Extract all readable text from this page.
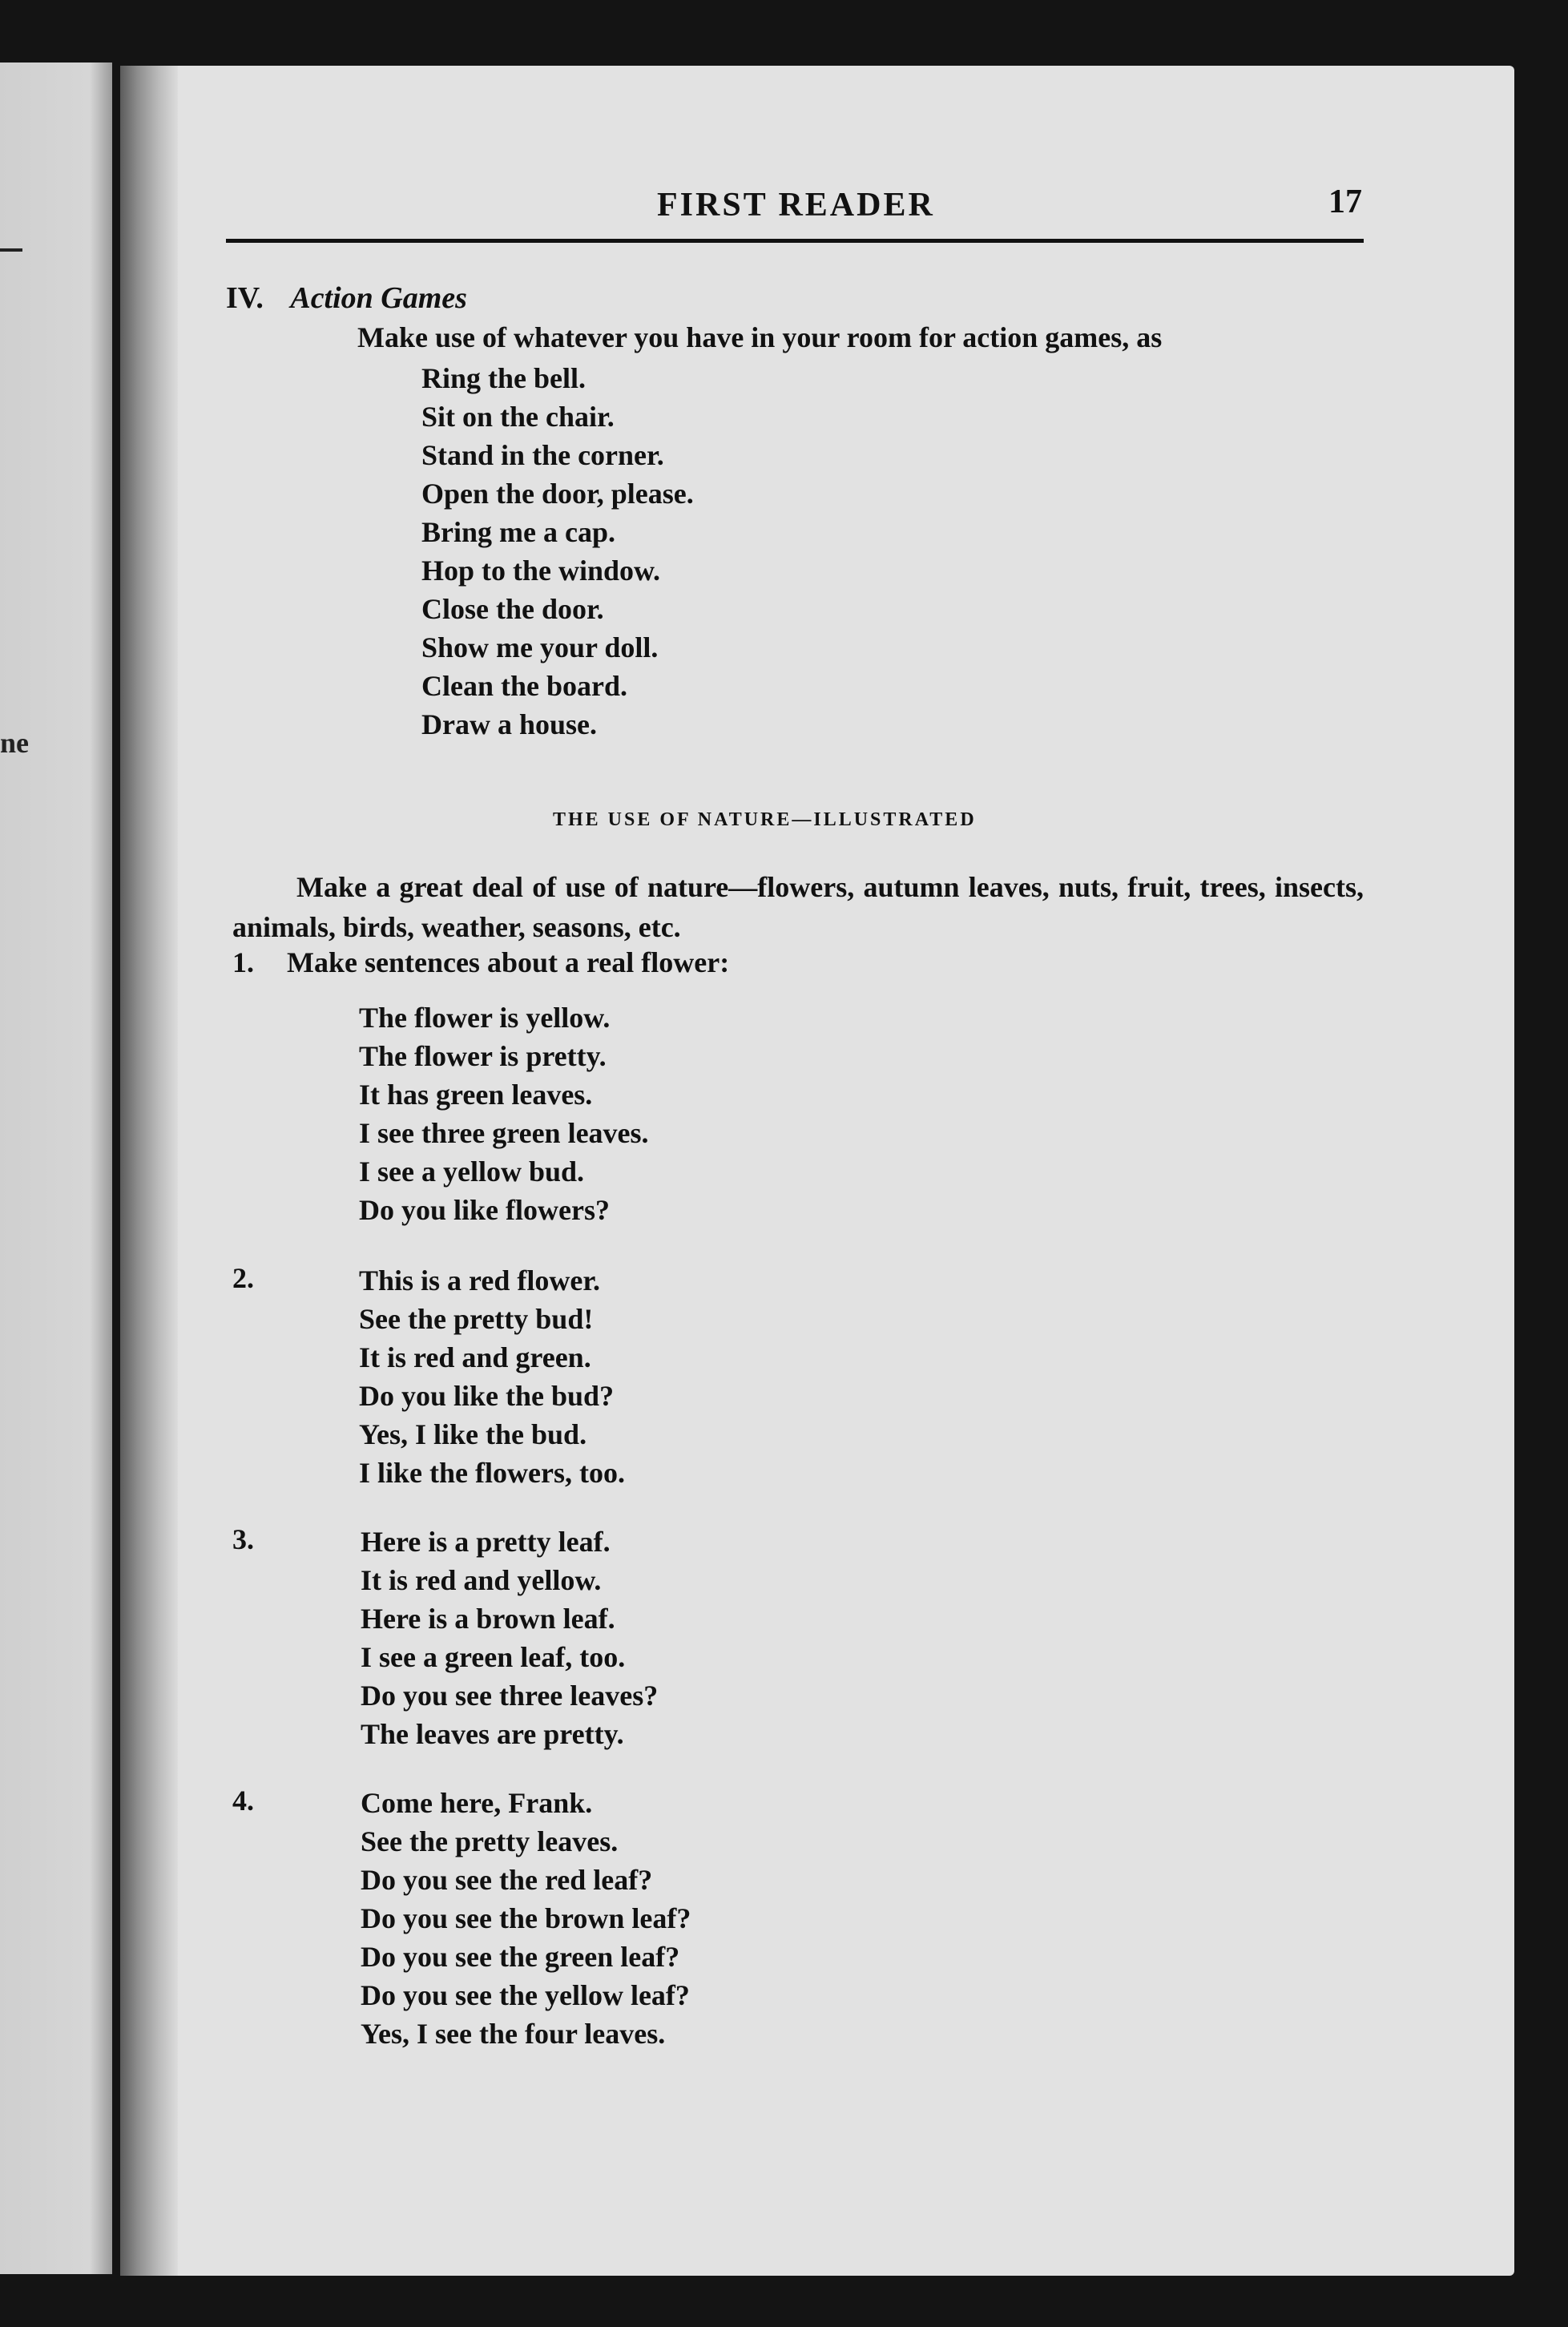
ne
FIRST READER	17
IV. Action Games
Make use of whatever you have in your room for action games, as
Ring the bell.
Sit on the chair.
Stand in the corner.
Open the door, please.
Bring me a cap.
Hop to the window.
Close the door.
Show me your doll.
Clean the board.
Draw a house.
THE USE OF NATURE—ILLUSTRATED
Make a great deal of use of nature—flowers, autumn leaves, nuts, fruit, trees, insects, animals, birds, weather, seasons, etc.
1. Make sentences about a real flower:
The flower is yellow.
The flower is pretty.
It has green leaves.
I see three green leaves.
I see a yellow bud.
Do you like flowers?
2.	This is a red flower.
See the pretty bud!
It is red and green.
Do you like the bud?
Yes, I like the bud.
I like the flowers, too.
3.	Here is a pretty leaf.
It is red and yellow.
Here is a brown leaf.
I see a green leaf, too.
Do you see three leaves?
The leaves are pretty.
4.	Come here, Frank.
See the pretty leaves.
Do you see the red leaf?
Do you see the brown leaf?
Do you see the green leaf?
Do you see the yellow leaf?
Yes, I see the four leaves.
